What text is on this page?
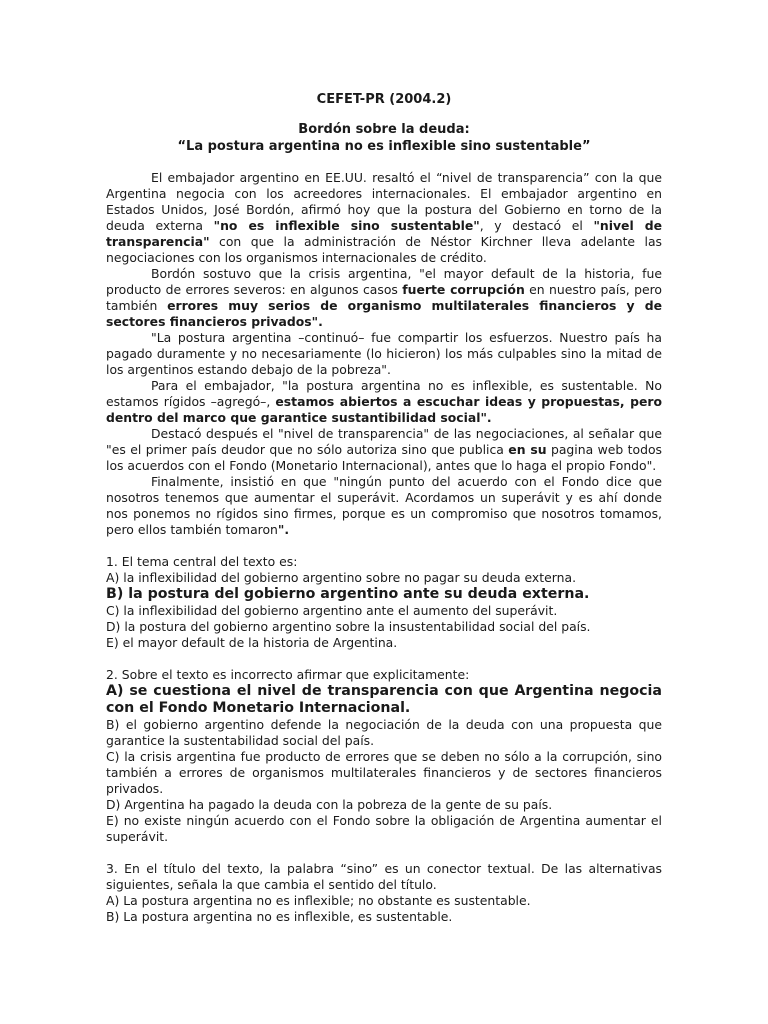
CEFET-PR (2004.2)
Bordón sobre la deuda:
“La postura argentina no es inflexible sino sustentable”

El embajador argentino en EE.UU. resaltó el “nivel de transparencia” con la que Argentina negocia con los acreedores internacionales. El embajador argentino en Estados Unidos, José Bordón, afirmó hoy que la postura del Gobierno en torno de la deuda externa "no es inflexible sino sustentable", y destacó el "nivel de transparencia" con que la administración de Néstor Kirchner lleva adelante las negociaciones con los organismos internacionales de crédito.

Bordón sostuvo que la crisis argentina, "el mayor default de la historia, fue producto de errores severos: en algunos casos fuerte corrupción en nuestro país, pero también errores muy serios de organismo multilaterales financieros y de sectores financieros privados".

"La postura argentina –continuó– fue compartir los esfuerzos. Nuestro país ha pagado duramente y no necesariamente (lo hicieron) los más culpables sino la mitad de los argentinos estando debajo de la pobreza".

Para el embajador, "la postura argentina no es inflexible, es sustentable. No estamos rígidos –agregó–, estamos abiertos a escuchar ideas y propuestas, pero dentro del marco que garantice sustantibilidad social".

Destacó después el "nivel de transparencia" de las negociaciones, al señalar que "es el primer país deudor que no sólo autoriza sino que publica en su pagina web todos los acuerdos con el Fondo (Monetario Internacional), antes que lo haga el propio Fondo".

Finalmente, insistió en que "ningún punto del acuerdo con el Fondo dice que nosotros tenemos que aumentar el superávit. Acordamos un superávit y es ahí donde nos ponemos no rígidos sino firmes, porque es un compromiso que nosotros tomamos, pero ellos también tomaron".

1. El tema central del texto es:

A) la inflexibilidad del gobierno argentino sobre no pagar su deuda externa.

B) la postura del gobierno argentino ante su deuda externa.

C) la inflexibilidad del gobierno argentino ante el aumento del superávit.

D) la postura del gobierno argentino sobre la insustentabilidad social del país.

E) el mayor default de la historia de Argentina.

2. Sobre el texto es incorrecto afirmar que explicitamente:

A) se cuestiona el nivel de transparencia con que Argentina negocia con el Fondo Monetario Internacional.

B) el gobierno argentino defende la negociación de la deuda con una propuesta que garantice la sustentabilidad social del país.

C) la crisis argentina fue producto de errores que se deben no sólo a la corrupción, sino también a errores de organismos multilaterales financieros y de sectores financieros privados.

D) Argentina ha pagado la deuda con la pobreza de la gente de su país.

E) no existe ningún acuerdo con el Fondo sobre la obligación de Argentina aumentar el superávit.

3. En el título del texto, la palabra “sino” es un conector textual. De las alternativas siguientes, señala la que cambia el sentido del título.

A) La postura argentina no es inflexible; no obstante es sustentable.

B) La postura argentina no es inflexible, es sustentable.
